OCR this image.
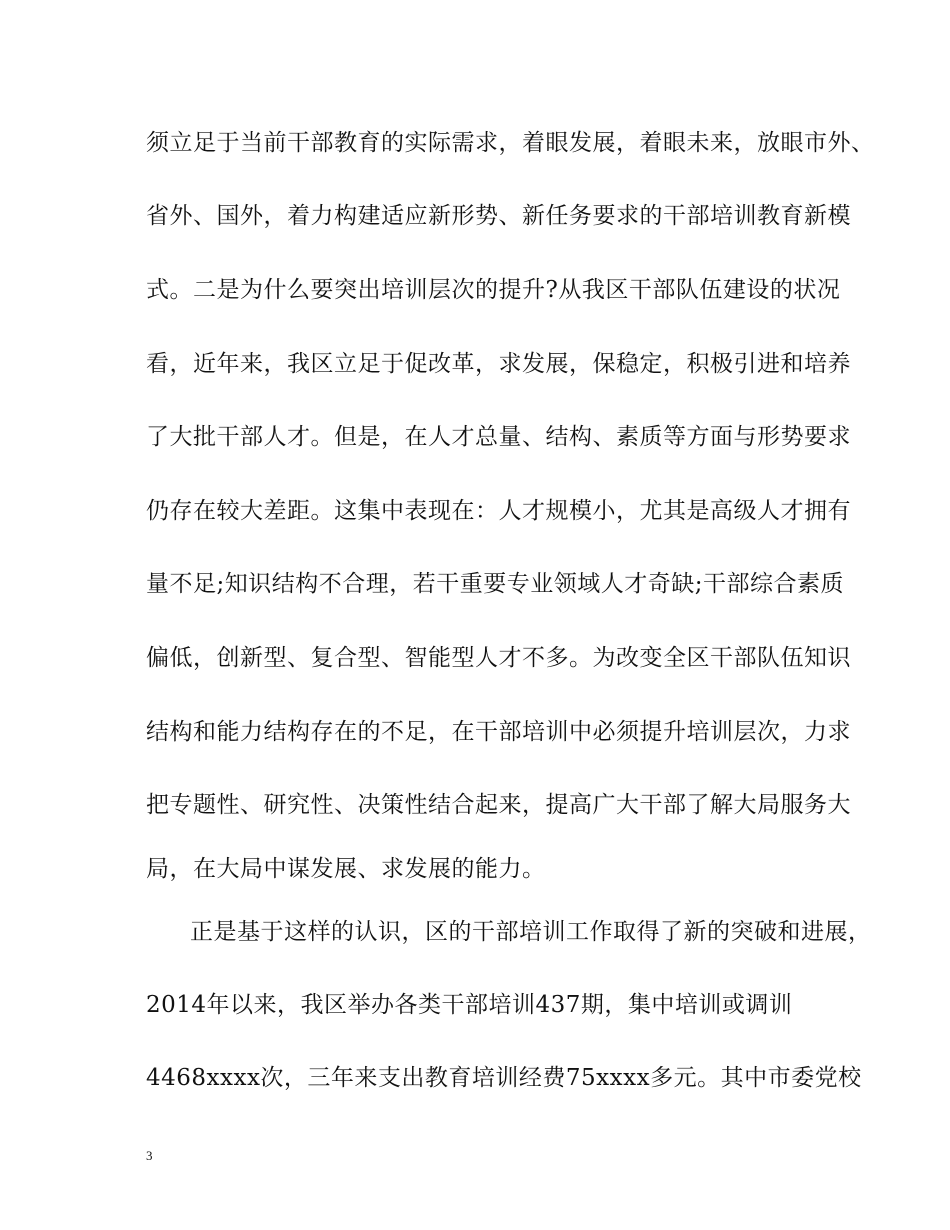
须立足于当前干部教育的实际需求，着眼发展，着眼未来，放眼市外、
省外、国外，着力构建适应新形势、新任务要求的干部培训教育新模
式。二是为什么要突出培训层次的提升?从我区干部队伍建设的状况
看，近年来，我区立足于促改革，求发展，保稳定，积极引进和培养
了大批干部人才。但是，在人才总量、结构、素质等方面与形势要求
仍存在较大差距。这集中表现在：人才规模小，尤其是高级人才拥有
量不足;知识结构不合理，若干重要专业领域人才奇缺;干部综合素质
偏低，创新型、复合型、智能型人才不多。为改变全区干部队伍知识
结构和能力结构存在的不足，在干部培训中必须提升培训层次，力求
把专题性、研究性、决策性结合起来，提高广大干部了解大局服务大
局，在大局中谋发展、求发展的能力。
正是基于这样的认识，区的干部培训工作取得了新的突破和进展，
2014年以来，我区举办各类干部培训437期，集中培训或调训
4468xxxx次，三年来支出教育培训经费75xxxx多元。其中市委党校
3
